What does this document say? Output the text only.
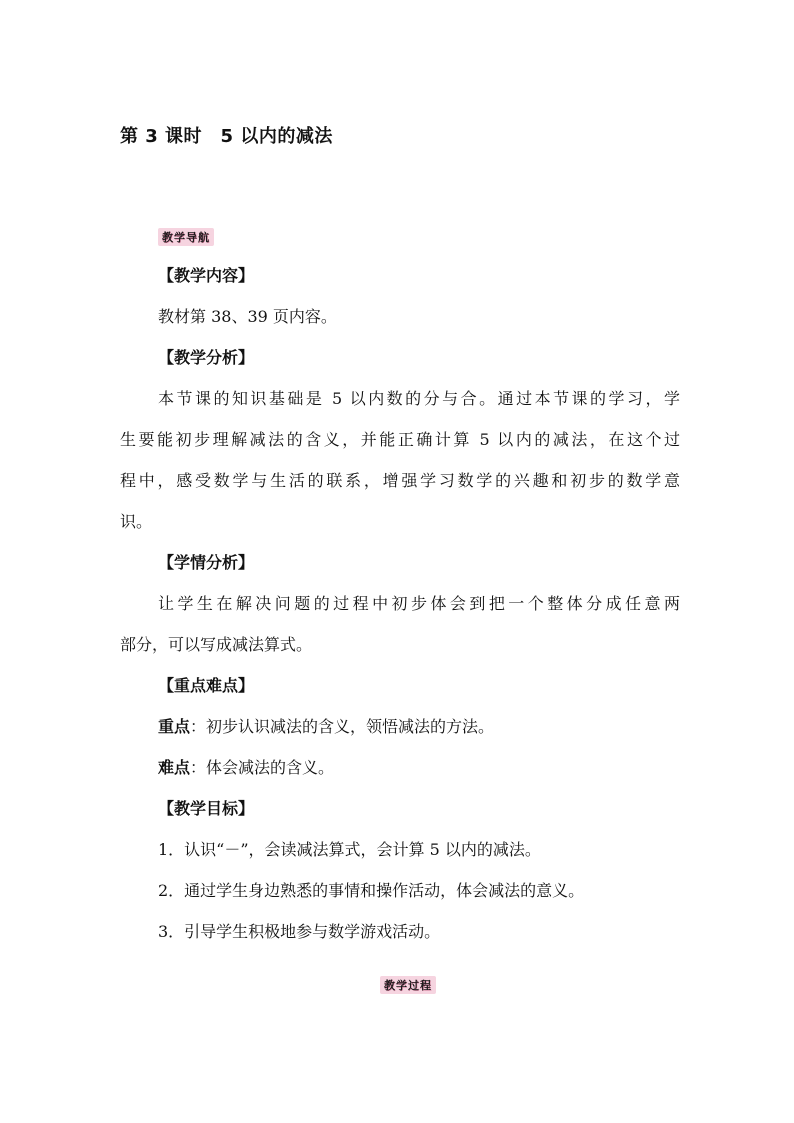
第 3 课时　5 以内的减法
教学导航
【教学内容】
教材第 38、39 页内容。
【教学分析】
本节课的知识基础是 5 以内数的分与合。通过本节课的学习，学
生要能初步理解减法的含义，并能正确计算 5 以内的减法，在这个过
程中，感受数学与生活的联系，增强学习数学的兴趣和初步的数学意
识。
【学情分析】
让学生在解决问题的过程中初步体会到把一个整体分成任意两
部分，可以写成减法算式。
【重点难点】
重点：初步认识减法的含义，领悟减法的方法。
难点：体会减法的含义。
【教学目标】
1．认识“－”，会读减法算式，会计算 5 以内的减法。
2．通过学生身边熟悉的事情和操作活动，体会减法的意义。
3．引导学生积极地参与数学游戏活动。
教学过程
